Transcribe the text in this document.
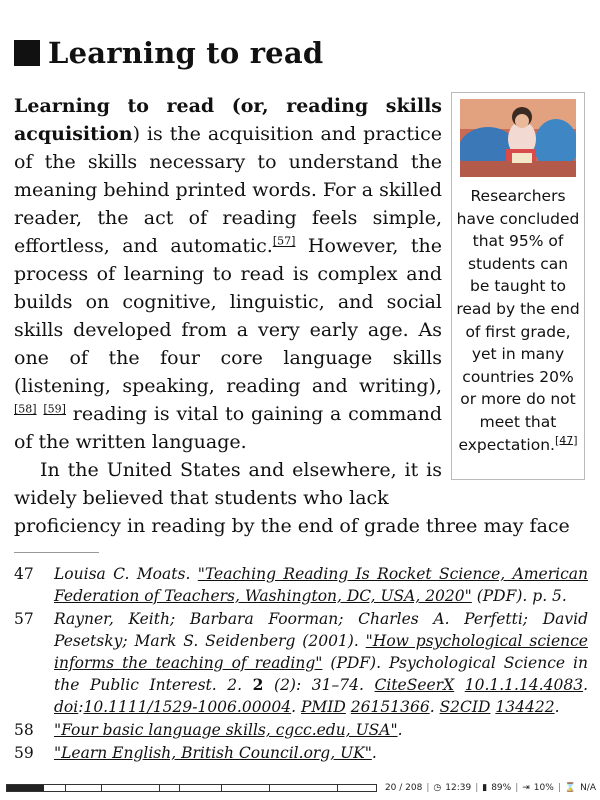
Learning to read

Learning to read (or, reading skills acquisition) is the acquisition and practice of the skills necessary to understand the meaning behind printed words. For a skilled reader, the act of reading feels simple, effortless, and automatic.[57] However, the process of learning to read is complex and builds on cognitive, linguistic, and social skills developed from a very early age. As one of the four core language skills (listening, speaking, reading and writing),[58] [59] reading is vital to gaining a command of the written language.

In the United States and elsewhere, it is widely believed that students who lack

proficiency in reading by the end of grade three may face
Researchers have concluded that 95% of students can be taught to read by the end of first grade, yet in many countries 20% or more do not meet that expectation.[47]
47	Louisa C. Moats. "Teaching Reading Is Rocket Science, American Federation of Teachers, Washington, DC, USA, 2020" (PDF). p. 5.
57	Rayner, Keith; Barbara Foorman; Charles A. Perfetti; David Pesetsky; Mark S. Seidenberg (2001). "How psychological science informs the teaching of reading" (PDF). Psychological Science in the Public Interest. 2. 2 (2): 31–74. CiteSeerX 10.1.1.14.4083. doi:10.1111/1529-1006.00004. PMID 26151366. S2CID 134422.
58	"Four basic language skills, cgcc.edu, USA".
59	"Learn English, British Council.org, UK".
20 / 208 | ◷ 12:39 | ▮ 89% | ⇥ 10% | ⌛ N/A
